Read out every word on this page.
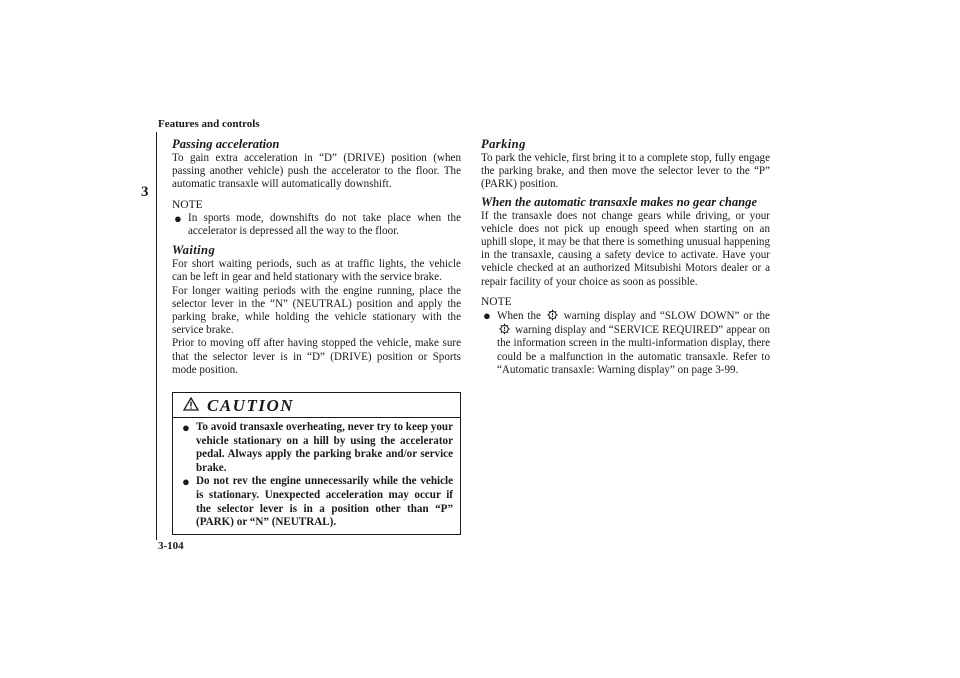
Features and controls
3
3-104
Passing acceleration

To gain extra acceleration in “D” (DRIVE) position (when passing another vehicle) push the accelerator to the floor. The automatic transaxle will automatically downshift.

NOTE
● In sports mode, downshifts do not take place when the accelerator is depressed all the way to the floor.
Waiting

For short waiting periods, such as at traffic lights, the vehicle can be left in gear and held stationary with the service brake.

For longer waiting periods with the engine running, place the selector lever in the “N” (NEUTRAL) position and apply the parking brake, while holding the vehicle stationary with the service brake.

Prior to moving off after having stopped the vehicle, make sure that the selector lever is in “D” (DRIVE) position or Sports mode position.

CAUTION
● To avoid transaxle overheating, never try to keep your vehicle stationary on a hill by using the accelerator pedal. Always apply the parking brake and/or service brake.
● Do not rev the engine unnecessarily while the vehicle is stationary. Unexpected acceleration may occur if the selector lever is in a position other than “P” (PARK) or “N” (NEUTRAL).
Parking

To park the vehicle, first bring it to a complete stop, fully engage the parking brake, and then move the selector lever to the “P” (PARK) position.

When the automatic transaxle makes no gear change

If the transaxle does not change gears while driving, or your vehicle does not pick up enough speed when starting on an uphill slope, it may be that there is something unusual happening in the transaxle, causing a safety device to activate. Have your vehicle checked at an authorized Mitsubishi Motors dealer or a repair facility of your choice as soon as possible.

NOTE
● When the warning display and “SLOW DOWN” or the  warning display and “SERVICE REQUIRED” appear on the information screen in the multi-information display, there could be a malfunction in the automatic transaxle. Refer to “Automatic transaxle: Warning display” on page 3-99.
